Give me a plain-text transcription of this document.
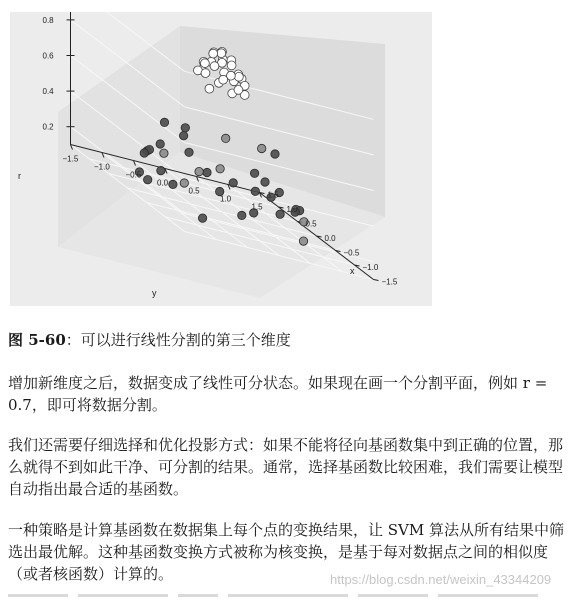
0.2
0.4
0.6
0.8
−1.5
−1.0
−0.5
0.0
0.5
1.0
1.5
−1.5
−1.0
−0.5
0.0
0.5
1.0
1.5
r
y
x
图 5-60：可以进行线性分割的第三个维度

增加新维度之后，数据变成了线性可分状态。如果现在画一个分割平面，例如 r = 0.7，即可将数据分割。

我们还需要仔细选择和优化投影方式：如果不能将径向基函数集中到正确的位置，那么就得不到如此干净、可分割的结果。通常，选择基函数比较困难，我们需要让模型自动指出最合适的基函数。

一种策略是计算基函数在数据集上每个点的变换结果，让 SVM 算法从所有结果中筛选出最优解。这种基函数变换方式被称为核变换，是基于每对数据点之间的相似度（或者核函数）计算的。	https://blog.csdn.net/weixin_43344209
